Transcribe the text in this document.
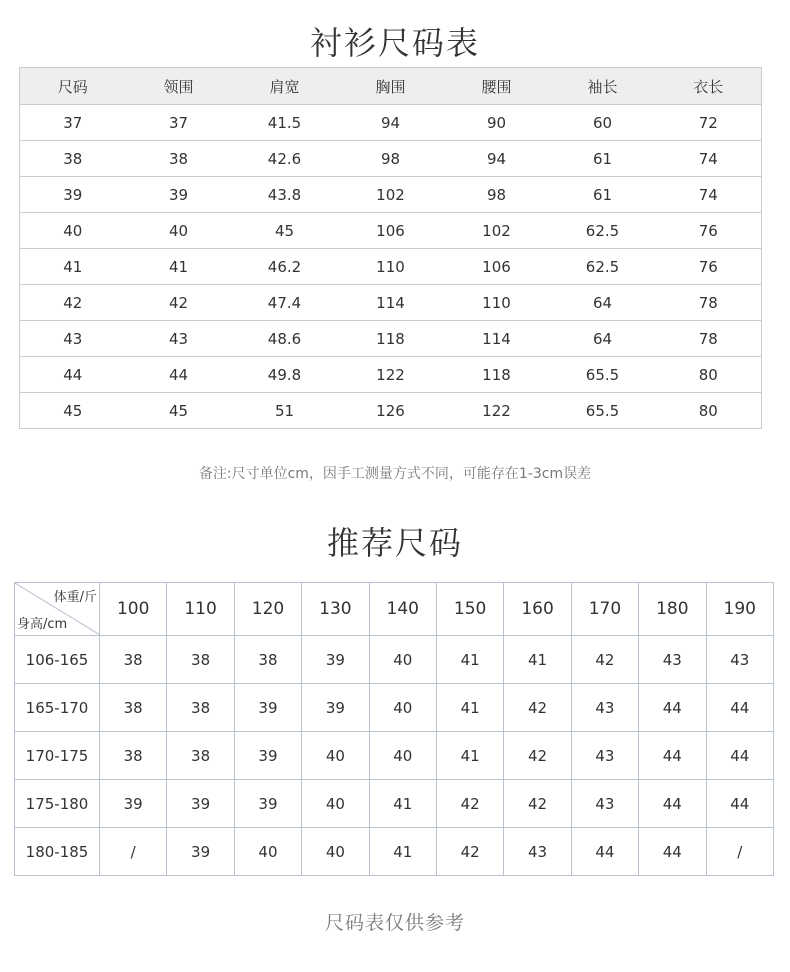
衬衫尺码表
尺码	领围	肩宽	胸围	腰围	袖长	衣长
37	37	41.5	94	90	60	72
38	38	42.6	98	94	61	74
39	39	43.8	102	98	61	74
40	40	45	106	102	62.5	76
41	41	46.2	110	106	62.5	76
42	42	47.4	114	110	64	78
43	43	48.6	118	114	64	78
44	44	49.8	122	118	65.5	80
45	45	51	126	122	65.5	80
备注:尺寸单位cm，因手工测量方式不同，可能存在1-3cm误差
推荐尺码
体重/斤
身高/cm	100	110	120	130	140	150	160	170	180	190
106-165	38	38	38	39	40	41	41	42	43	43
165-170	38	38	39	39	40	41	42	43	44	44
170-175	38	38	39	40	40	41	42	43	44	44
175-180	39	39	39	40	41	42	42	43	44	44
180-185	/	39	40	40	41	42	43	44	44	/
尺码表仅供参考
